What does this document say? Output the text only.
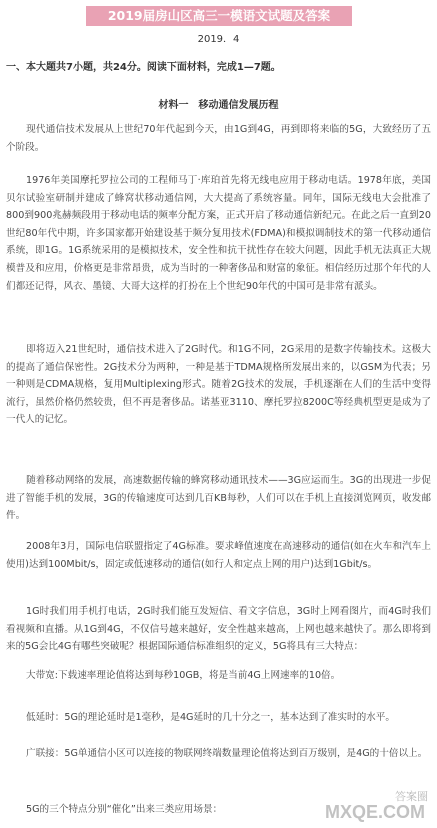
2019届房山区高三一模语文试题及答案
2019．4
一、本大题共7小题，共24分。阅读下面材料，完成1—7题。
材料一　移动通信发展历程
现代通信技术发展从上世纪70年代起到今天，由1G到4G，再到即将来临的5G，大致经历了五个阶段。
1976年美国摩托罗拉公司的工程师马丁·库珀首先将无线电应用于移动电话。1978年底，美国贝尔试验室研制并建成了蜂窝状移动通信网，大大提高了系统容量。同年，国际无线电大会批准了800到900兆赫频段用于移动电话的频率分配方案，正式开启了移动通信新纪元。在此之后一直到20世纪80年代中期，许多国家都开始建设基于频分复用技术(FDMA)和模拟调制技术的第一代移动通信系统，即1G。1G系统采用的是模拟技术，安全性和抗干扰性存在较大问题，因此手机无法真正大规模普及和应用，价格更是非常昂贵，成为当时的一种奢侈品和财富的象征。相信经历过那个年代的人们都还记得，风衣、墨镜、大哥大这样的打扮在上个世纪90年代的中国可是非常有派头。
即将迈入21世纪时，通信技术进入了2G时代。和1G不同，2G采用的是数字传输技术。这极大的提高了通信保密性。2G技术分为两种，一种是基于TDMA规格所发展出来的，以GSM为代表；另一种则是CDMA规格，复用Multiplexing形式。随着2G技术的发展，手机逐渐在人们的生活中变得流行，虽然价格仍然较贵，但不再是奢侈品。诺基亚3110、摩托罗拉8200C等经典机型更是成为了一代人的记忆。
随着移动网络的发展，高速数据传输的蜂窝移动通讯技术——3G应运而生。3G的出现进一步促进了智能手机的发展，3G的传输速度可达到几百KB每秒，人们可以在手机上直接浏览网页，收发邮件。
2008年3月，国际电信联盟指定了4G标准。要求峰值速度在高速移动的通信(如在火车和汽车上使用)达到100Mbit/s，固定或低速移动的通信(如行人和定点上网的用户)达到1Gbit/s。
1G时我们用手机打电话，2G时我们能互发短信、看文字信息，3G时上网看图片，而4G时我们看视频和直播。从1G到4G，不仅信号越来越好，安全性越来越高，上网也越来越快了。那么即将到来的5G会比4G有哪些突破呢？根据国际通信标准组织的定义，5G将具有三大特点：
大带宽:下载速率理论值将达到每秒10GB，将是当前4G上网速率的10倍。
低延时：5G的理论延时是1毫秒，是4G延时的几十分之一，基本达到了准实时的水平。
广联接：5G单通信小区可以连接的物联网终端数量理论值将达到百万级别，是4G的十倍以上。
5G的三个特点分别“催化”出来三类应用场景：
答案圈
MXQE.COM
